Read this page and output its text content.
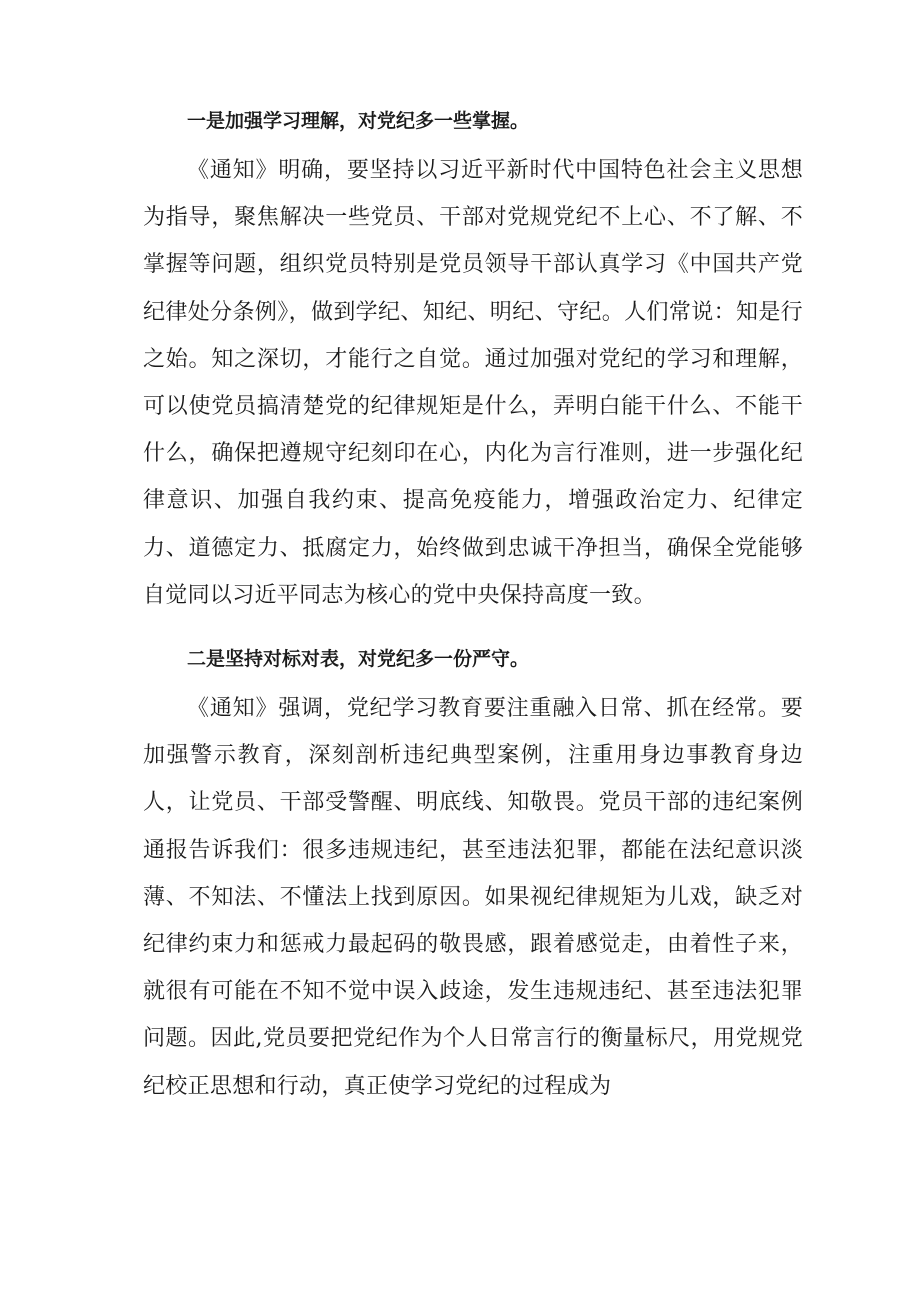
一是加强学习理解，对党纪多一些掌握。

《通知》明确，要坚持以习近平新时代中国特色社会主义思想为指导，聚焦解决一些党员、干部对党规党纪不上心、不了解、不掌握等问题，组织党员特别是党员领导干部认真学习《中国共产党纪律处分条例》，做到学纪、知纪、明纪、守纪。人们常说：知是行之始。知之深切，才能行之自觉。通过加强对党纪的学习和理解，可以使党员搞清楚党的纪律规矩是什么，弄明白能干什么、不能干什么，确保把遵规守纪刻印在心，内化为言行准则，进一步强化纪律意识、加强自我约束、提高免疫能力，增强政治定力、纪律定力、道德定力、抵腐定力，始终做到忠诚干净担当，确保全党能够自觉同以习近平同志为核心的党中央保持高度一致。

二是坚持对标对表，对党纪多一份严守。

《通知》强调，党纪学习教育要注重融入日常、抓在经常。要加强警示教育，深刻剖析违纪典型案例，注重用身边事教育身边人，让党员、干部受警醒、明底线、知敬畏。党员干部的违纪案例通报告诉我们：很多违规违纪，甚至违法犯罪，都能在法纪意识淡薄、不知法、不懂法上找到原因。如果视纪律规矩为儿戏，缺乏对纪律约束力和惩戒力最起码的敬畏感，跟着感觉走，由着性子来，就很有可能在不知不觉中误入歧途，发生违规违纪、甚至违法犯罪问题。因此,党员要把党纪作为个人日常言行的衡量标尺，用党规党纪校正思想和行动，真正使学习党纪的过程成为
